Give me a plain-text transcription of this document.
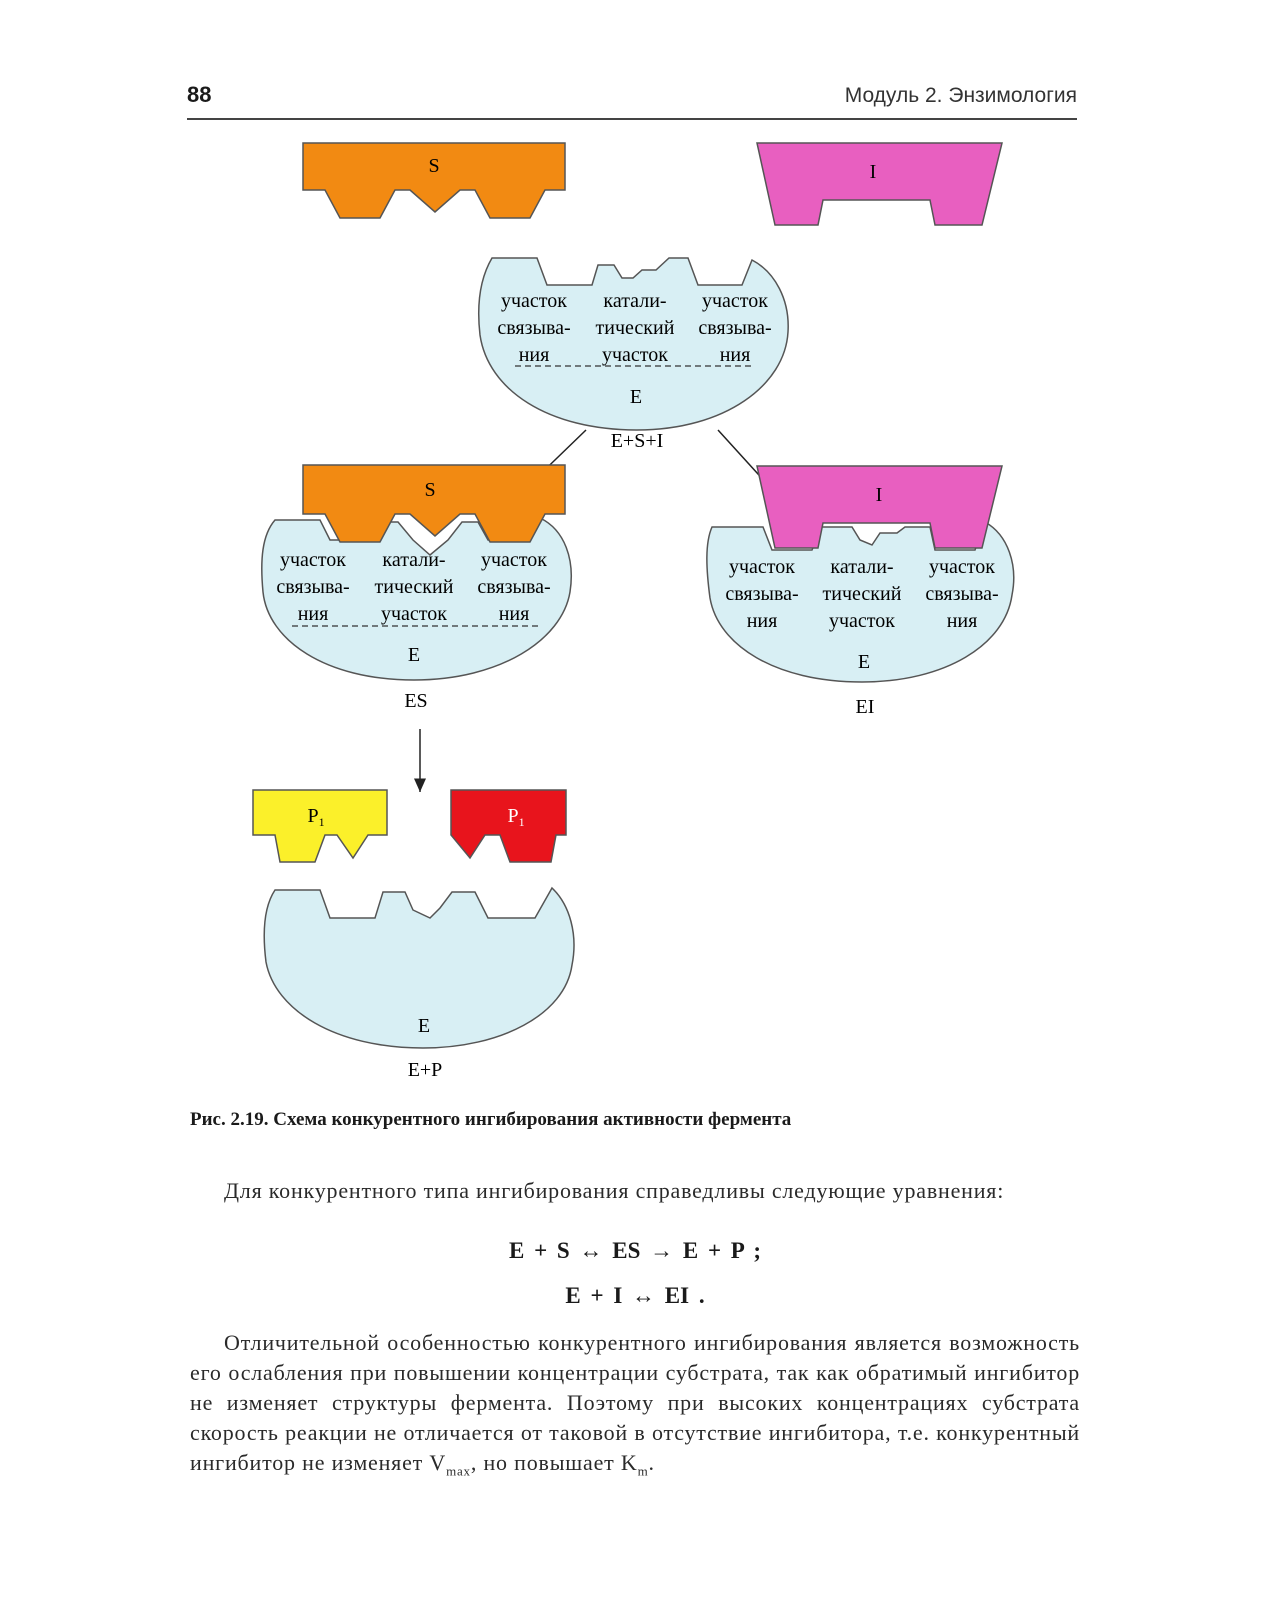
88	Модуль 2. Энзимология
S	I
участок
связыва-
ния
катали-
тический
участок
участок
связыва-
ния
E
E+S+I
S
участок
связыва-
ния
катали-
тический
участок
участок
связыва-
ния
E
ES
I
участок
связыва-
ния
катали-
тический
участок
участок
связыва-
ния
E
EI
$P_1$	$P_1$
E
E+P
Рис. 2.19. Схема конкурентного ингибирования активности фермента
Для конкурентного типа ингибирования справедливы следующие уравнения:
E + S ↔ ES → E + P ;
E + I ↔ EI .
Отличительной особенностью конкурентного ингибирования является возможность его ослабления при повышении концентрации субстрата, так как обратимый ингибитор не изменяет структуры фермента. Поэтому при высоких концентрациях субстрата скорость реакции не отличается от таковой в отсутствие ингибитора, т.е. конкурентный ингибитор не изменяет $V_{max}$, но повышает $K_m$.
